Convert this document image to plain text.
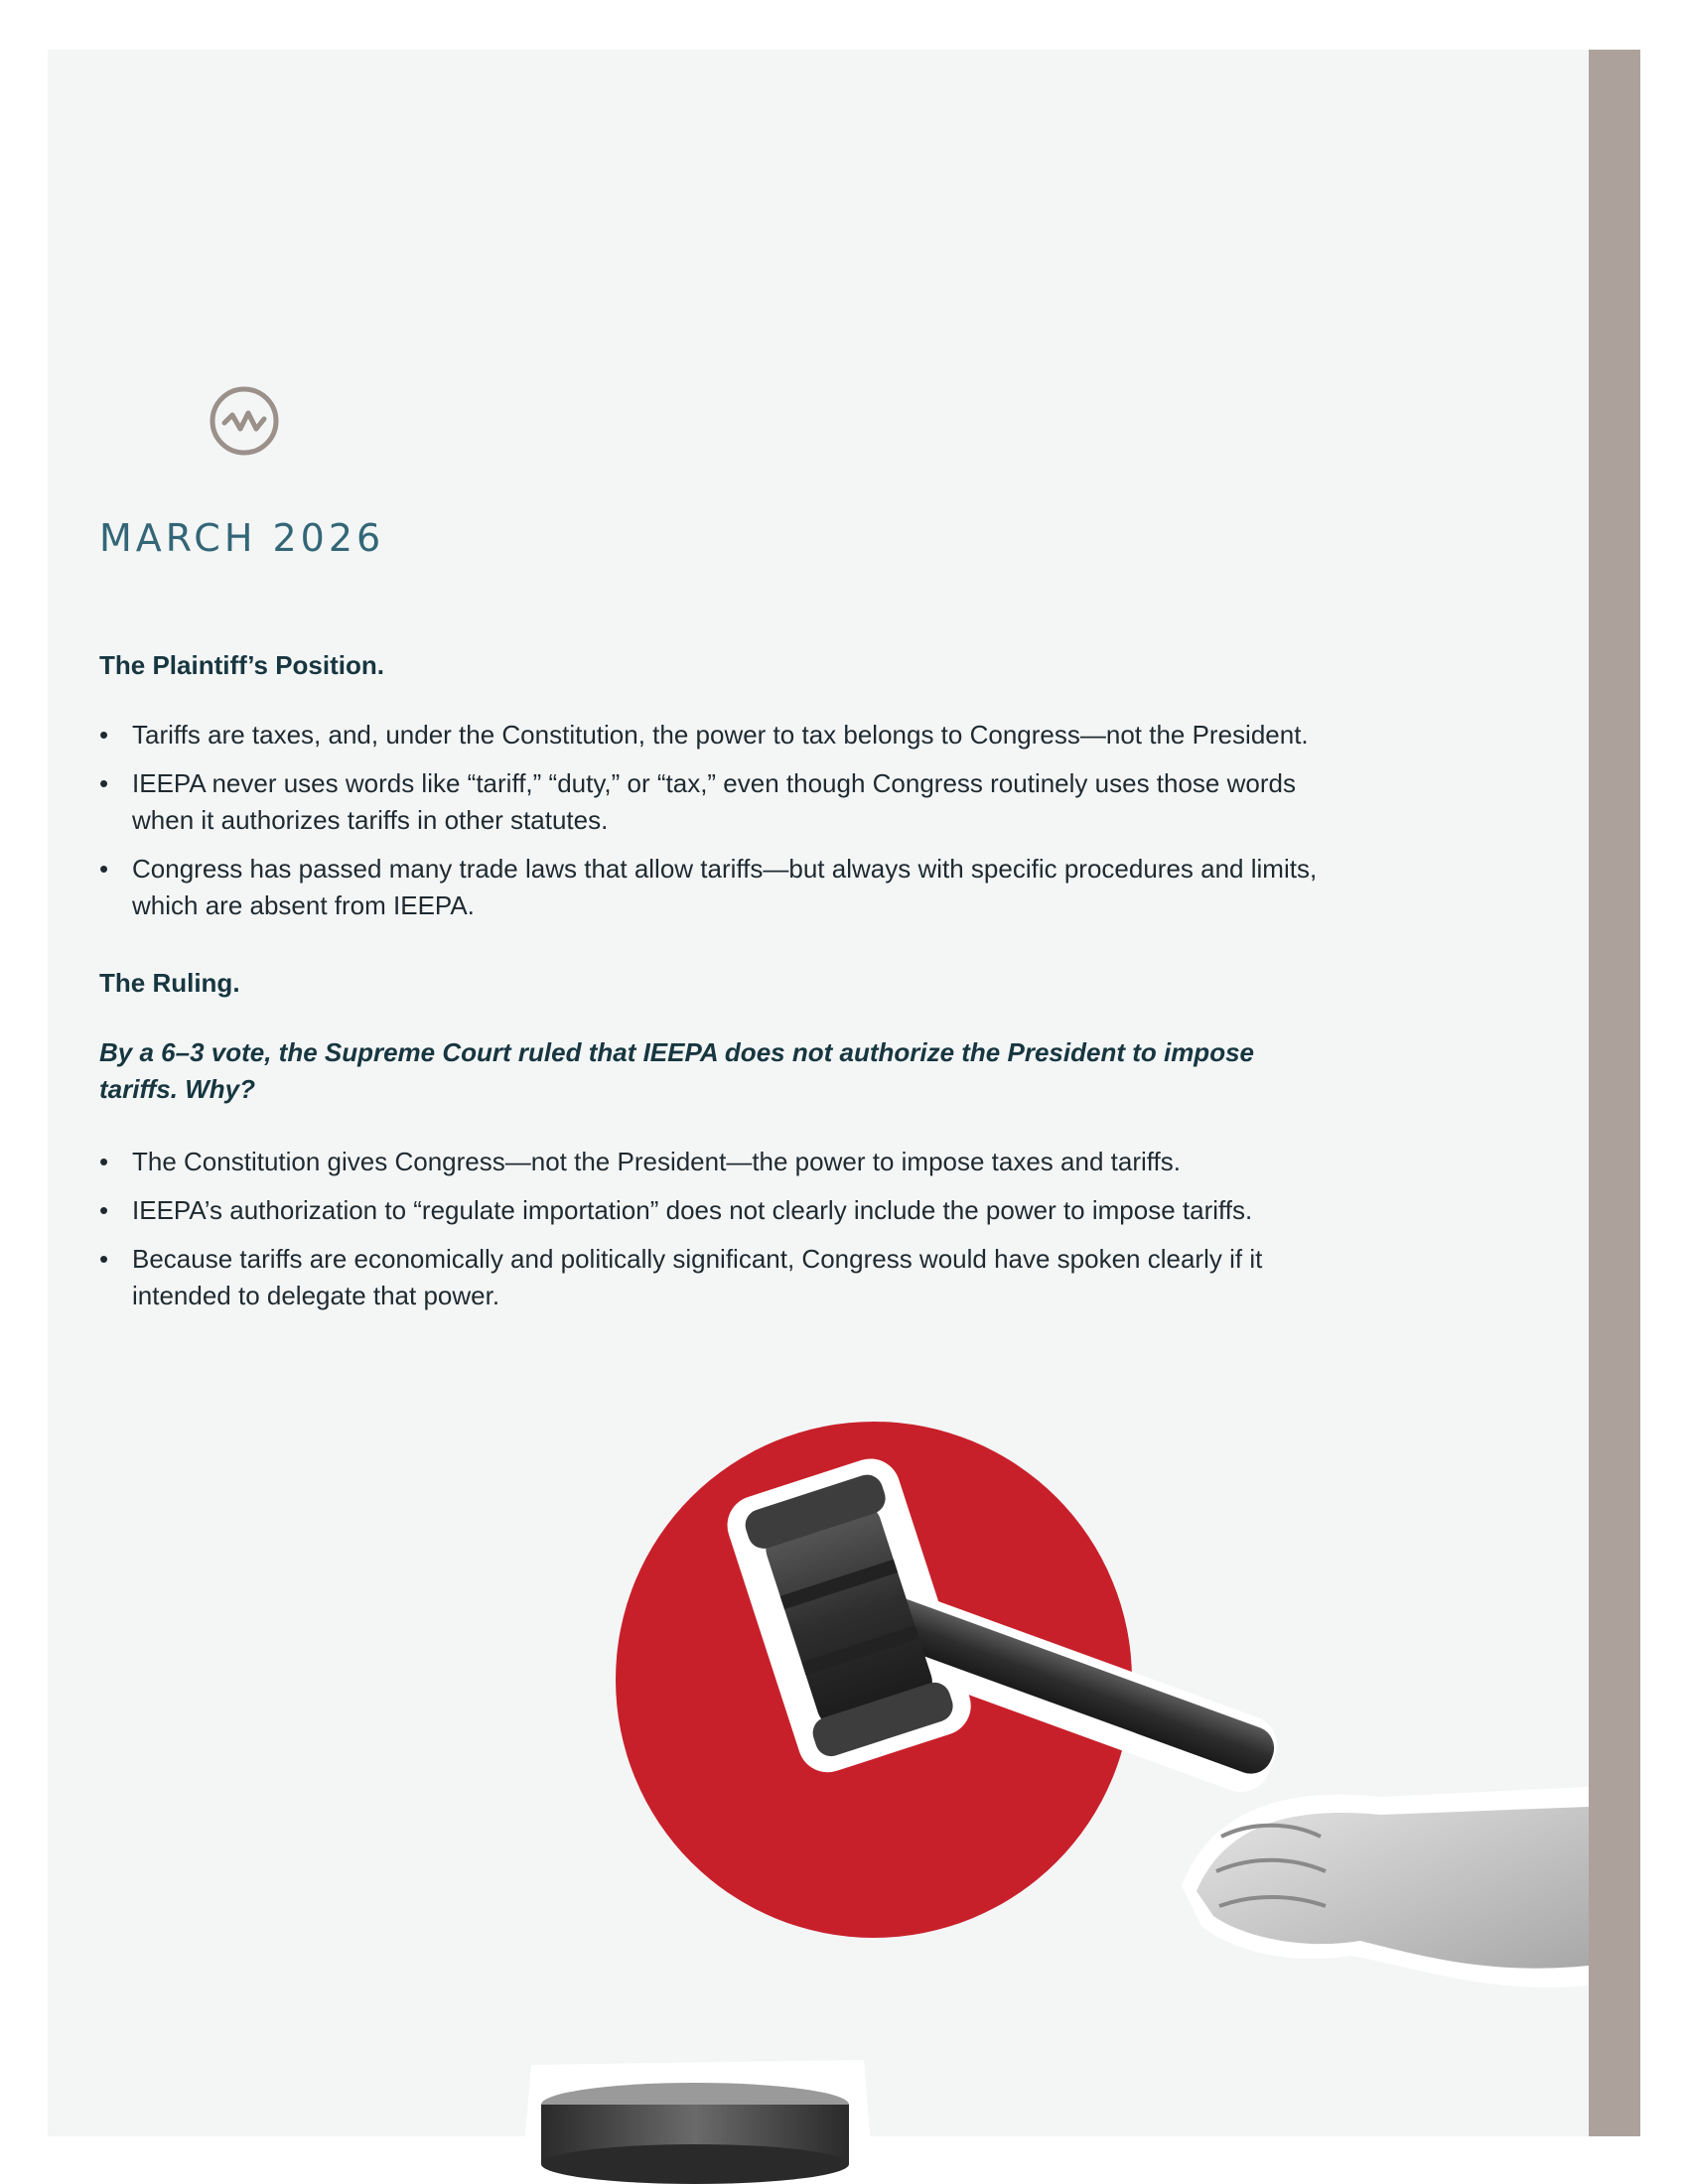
MARCH 2026
The Plaintiff’s Position.
• Tariffs are taxes, and, under the Constitution, the power to tax belongs to Congress—not the President.
• IEEPA never uses words like “tariff,” “duty,” or “tax,” even though Congress routinely uses those words when it authorizes tariffs in other statutes.
• Congress has passed many trade laws that allow tariffs—but always with specific procedures and limits, which are absent from IEEPA.
The Ruling.

By a 6–3 vote, the Supreme Court ruled that IEEPA does not authorize the President to impose tariffs. Why?

• The Constitution gives Congress—not the President—the power to impose taxes and tariffs.
• IEEPA’s authorization to “regulate importation” does not clearly include the power to impose tariffs.
• Because tariffs are economically and politically significant, Congress would have spoken clearly if it intended to delegate that power.
